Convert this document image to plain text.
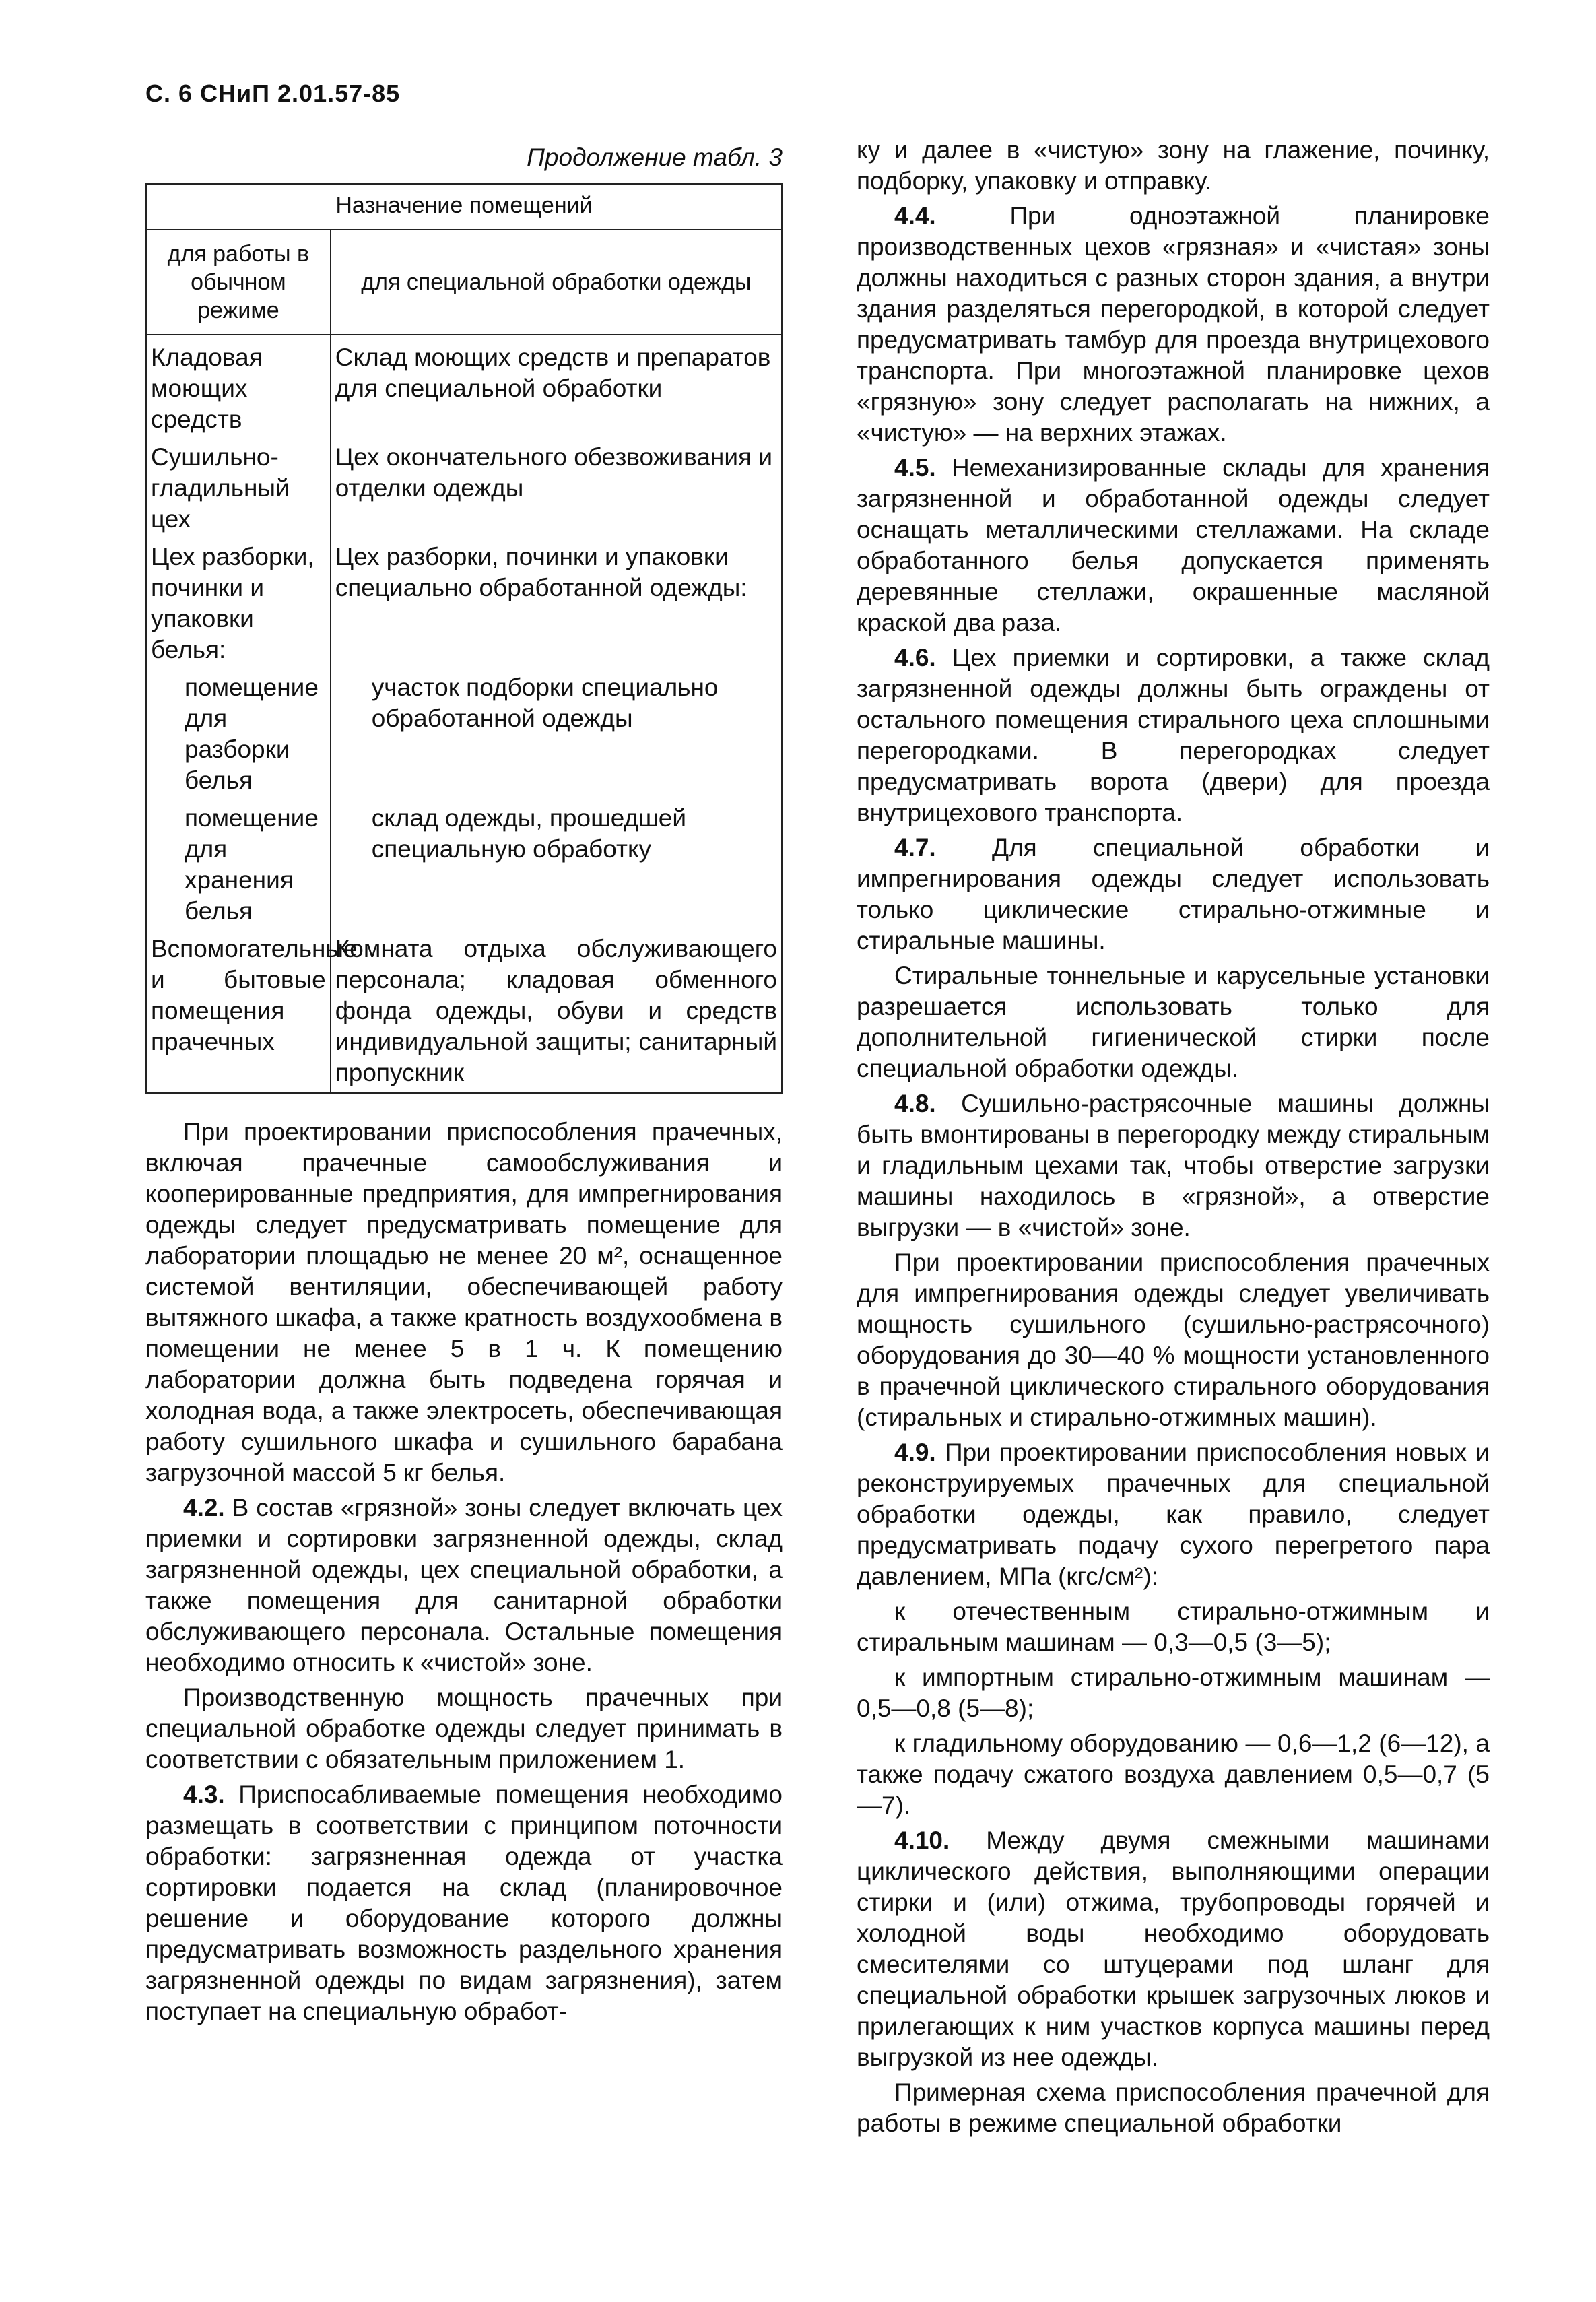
С. 6 СНиП 2.01.57-85
Продолжение табл. 3
Назначение помещений	
для работы в обычном режиме	для специальной обработки одежды
Кладовая моющих средств	Склад моющих средств и препаратов для специальной обработки
Сушильно-гладильный цех	Цех окончательного обезвоживания и отделки одежды
Цех разборки, починки и упаковки белья:	Цех разборки, починки и упаковки специально обработанной одежды:
помещение для разборки белья	участок подборки специально обработанной одежды
помещение для хранения белья	склад одежды, прошедшей специальную обработку
Вспомогательные и бытовые помещения прачечных	Комната отдыха обслуживающего персонала; кладовая обменного фонда одежды, обуви и средств индивидуальной защиты; санитарный пропускник

При проектировании приспособления прачечных, включая прачечные самообслуживания и кооперированные предприятия, для импрегнирования одежды следует предусматривать помещение для лаборатории площадью не менее 20 м², оснащенное системой вентиляции, обеспечивающей работу вытяжного шкафа, а также кратность воздухообмена в помещении не менее 5 в 1 ч. К помещению лаборатории должна быть подведена горячая и холодная вода, а также электросеть, обеспечивающая работу сушильного шкафа и сушильного барабана загрузочной массой 5 кг белья.

4.2. В состав «грязной» зоны следует включать цех приемки и сортировки загрязненной одежды, склад загрязненной одежды, цех специальной обработки, а также помещения для санитарной обработки обслуживающего персонала. Остальные помещения необходимо относить к «чистой» зоне.

Производственную мощность прачечных при специальной обработке одежды следует принимать в соответствии с обязательным приложением 1.

4.3. Приспосабливаемые помещения необходимо размещать в соответствии с принципом поточности обработки: загрязненная одежда от участка сортировки подается на склад (планировочное решение и оборудование которого должны предусматривать возможность раздельного хранения загрязненной одежды по видам загрязнения), затем поступает на специальную обработ-

ку и далее в «чистую» зону на глажение, починку, подборку, упаковку и отправку.

4.4.	При одноэтажной планировке производственных цехов «грязная» и «чистая» зоны должны находиться с разных сторон здания, а внутри здания разделяться перегородкой, в которой следует предусматривать тамбур для проезда внутрицехового транспорта. При многоэтажной планировке цехов «грязную» зону следует располагать на нижних, а «чистую» — на верхних этажах.

4.5. Немеханизированные склады для хранения загрязненной и обработанной одежды следует оснащать металлическими стеллажами. На складе обработанного белья допускается применять деревянные стеллажи, окрашенные масляной краской два раза.

4.6. Цех приемки и сортировки, а также склад загрязненной одежды должны быть ограждены от остального помещения стирального цеха сплошными перегородками. В перегородках следует предусматривать ворота (двери) для проезда внутрицехового транспорта.

4.7. Для специальной обработки и импрегнирования одежды следует использовать только циклические стирально-отжимные и стиральные машины.

Стиральные тоннельные и карусельные установки разрешается использовать только для дополнительной гигиенической стирки после специальной обработки одежды.

4.8. Сушильно-растрясочные машины должны быть вмонтированы в перегородку между стиральным и гладильным цехами так, чтобы отверстие загрузки машины находилось в «грязной», а отверстие выгрузки — в «чистой» зоне.

При проектировании приспособления прачечных для импрегнирования одежды следует увеличивать мощность сушильного (сушильно-растрясочного) оборудования до 30—40 % мощности установленного в прачечной циклического стирального оборудования (стиральных и стирально-отжимных машин).

4.9. При проектировании приспособления новых и реконструируемых прачечных для специальной обработки одежды, как правило, следует предусматривать подачу сухого перегретого пара давлением, МПа (кгс/см²):

к отечественным стирально-отжимным и стиральным машинам — 0,3—0,5 (3—5);

к импортным стирально-отжимным машинам — 0,5—0,8 (5—8);

к гладильному оборудованию — 0,6—1,2 (6—12), а также подачу сжатого воздуха давлением 0,5—0,7 (5—7).

4.10. Между двумя смежными машинами циклического действия, выполняющими операции стирки и (или) отжима, трубопроводы горячей и холодной воды необходимо оборудовать смесителями со штуцерами под шланг для специальной обработки крышек загрузочных люков и прилегающих к ним участков корпуса машины перед выгрузкой из нее одежды.

Примерная схема приспособления прачечной для работы в режиме специальной обработки
